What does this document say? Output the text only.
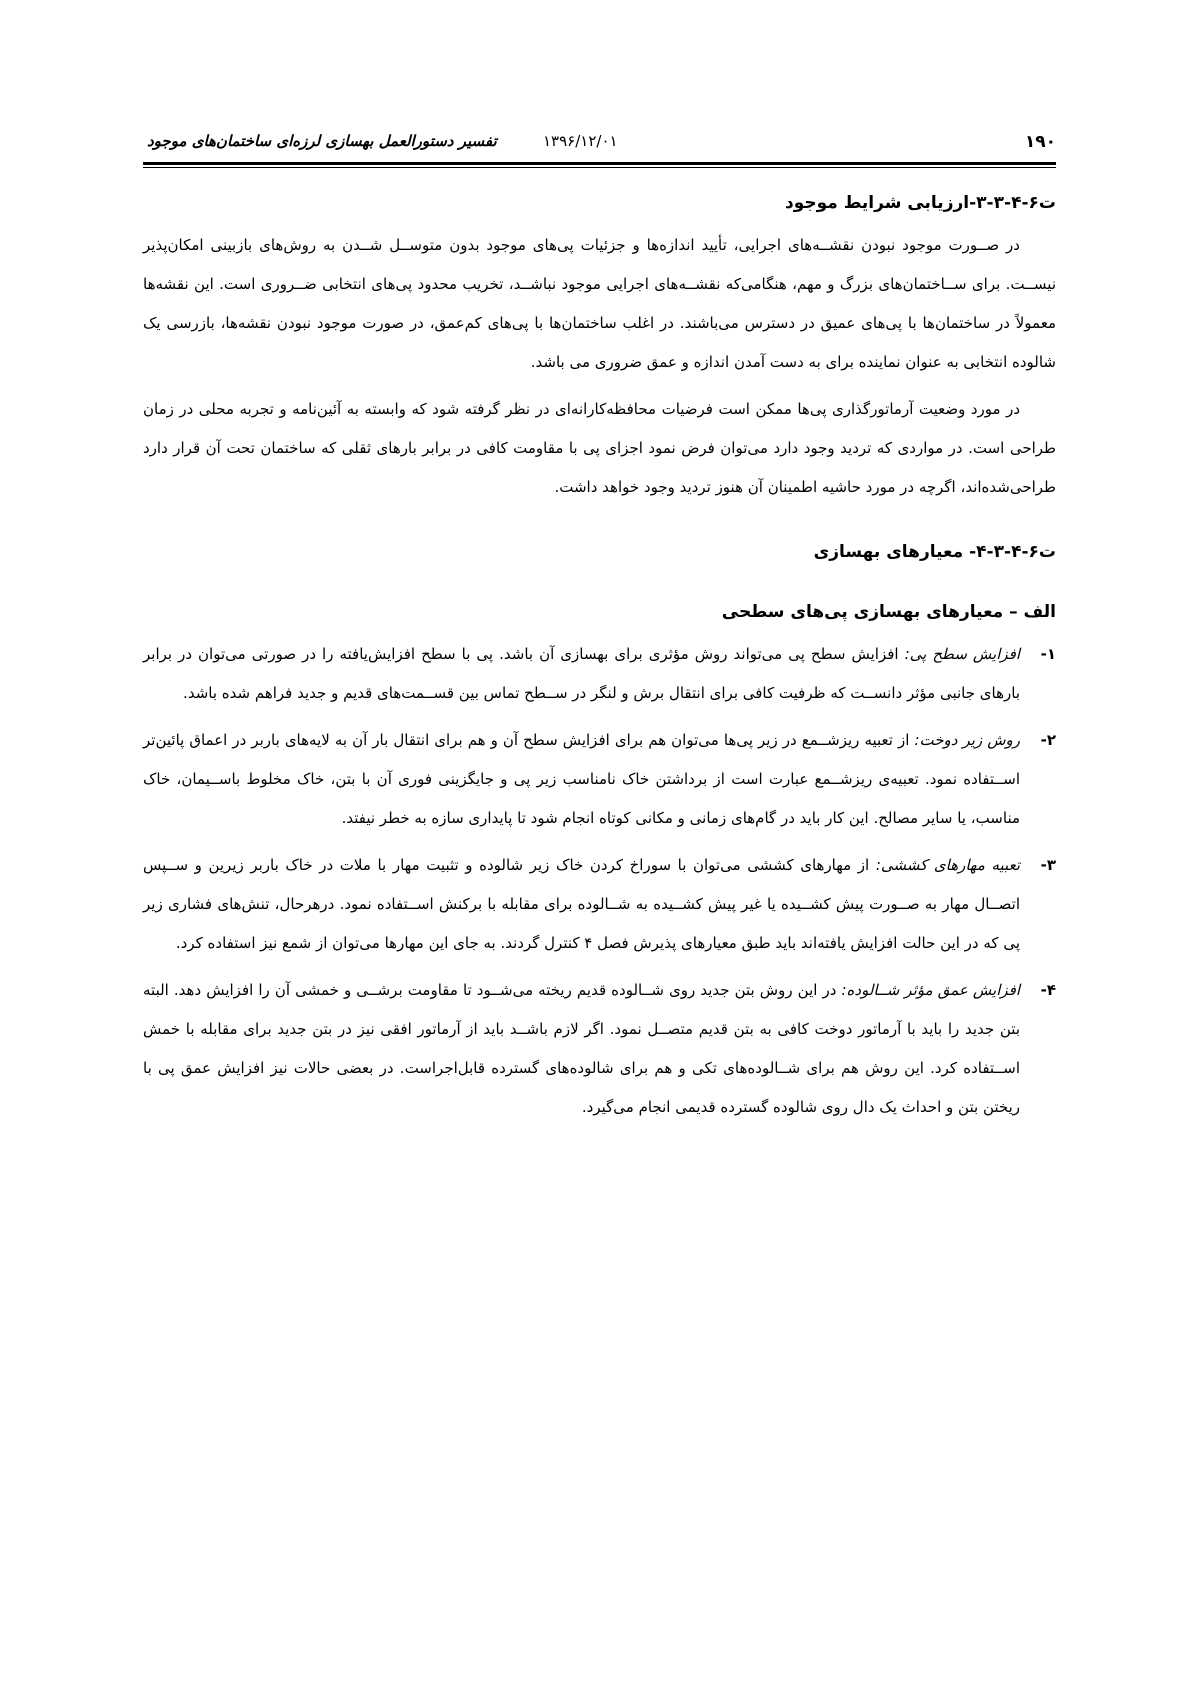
۱۹۰
۱۳۹۶/۱۲/۰۱
تفسیر دستورالعمل بهسازی لرزه‌ای ساختمان‌های موجود

ت۶-۴-۳-۳-ارزیابی شرایط موجود

در صــورت موجود نبودن نقشــه‌های اجرایی، تأیید اندازه‌ها و جزئیات پی‌های موجود بدون متوســل شــدن به روش‌های بازبینی امکان‌پذیر نیســت. برای ســاختمان‌های بزرگ و مهم، هنگامی‌که نقشــه‌های اجرایی موجود نباشــد، تخریب محدود پی‌های انتخابی ضــروری است. این نقشه‌ها معمولاً در ساختمان‌ها با پی‌های عمیق در دسترس می‌باشند. در اغلب ساختمان‌ها با پی‌های کم‌عمق، در صورت موجود نبودن نقشه‌ها، بازرسی یک شالوده انتخابی به عنوان نماینده برای به دست آمدن اندازه و عمق ضروری می باشد.

در مورد وضعیت آرماتورگذاری پی‌ها ممکن است فرضیات محافظه‌کارانه‌ای در نظر گرفته شود که وابسته به آئین‌نامه و تجربه محلی در زمان طراحی است. در مواردی که تردید وجود دارد می‌توان فرض نمود اجزای پی با مقاومت کافی در برابر بارهای ثقلی که ساختمان تحت آن قرار دارد طراحی‌شده‌اند، اگرچه در مورد حاشیه اطمینان آن هنوز تردید وجود خواهد داشت.

ت۶-۴-۳-۴- معیارهای بهسازی

الف – معیارهای بهسازی پی‌های سطحی

۱-

افزایش سطح پی: افزایش سطح پی می‌تواند روش مؤثری برای بهسازی آن باشد. پی با سطح افزایش‌یافته را در صورتی می‌توان در برابر بارهای جانبی مؤثر دانســت که ظرفیت کافی برای انتقال برش و لنگر در ســطح تماس بین قســمت‌های قدیم و جدید فراهم شده باشد.

۲-

روش زیر دوخت: از تعبیه ریزشــمع در زیر پی‌ها می‌توان هم برای افزایش سطح آن و هم برای انتقال بار آن به لایه‌های باربر در اعماق پائین‌تر اســتفاده نمود. تعبیه‌ی ریزشــمع عبارت است از برداشتن خاک نامناسب زیر پی و جایگزینی فوری آن با بتن، خاک مخلوط باســیمان، خاک مناسب، یا سایر مصالح. این کار باید در گام‌های زمانی و مکانی کوتاه انجام شود تا پایداری سازه به خطر نیفتد.

۳-

تعبیه مهارهای کششی: از مهارهای کششی می‌توان با سوراخ کردن خاک زیر شالوده و تثبیت مهار با ملات در خاک باربر زیرین و ســپس اتصــال مهار به صــورت پیش کشــیده یا غیر پیش کشــیده به شــالوده برای مقابله با برکنش اســتفاده نمود. درهرحال، تنش‌های فشاری زیر پی که در این حالت افزایش یافته‌اند باید طبق معیارهای پذیرش فصل ۴ کنترل گردند. به جای این مهارها می‌توان از شمع نیز استفاده کرد.

۴-

افزایش عمق مؤثر شــالوده: در این روش بتن جدید روی شــالوده قدیم ریخته می‌شــود تا مقاومت برشــی و خمشی آن را افزایش دهد. البته بتن جدید را باید با آرماتور دوخت کافی به بتن قدیم متصــل نمود. اگر لازم باشــد باید از آرماتور افقی نیز در بتن جدید برای مقابله با خمش اســتفاده کرد. این روش هم برای شــالوده‌های تکی و هم برای شالوده‌های گسترده قابل‌اجراست. در بعضی حالات نیز افزایش عمق پی با ریختن بتن و احداث یک دال روی شالوده گسترده قدیمی انجام می‌گیرد.
